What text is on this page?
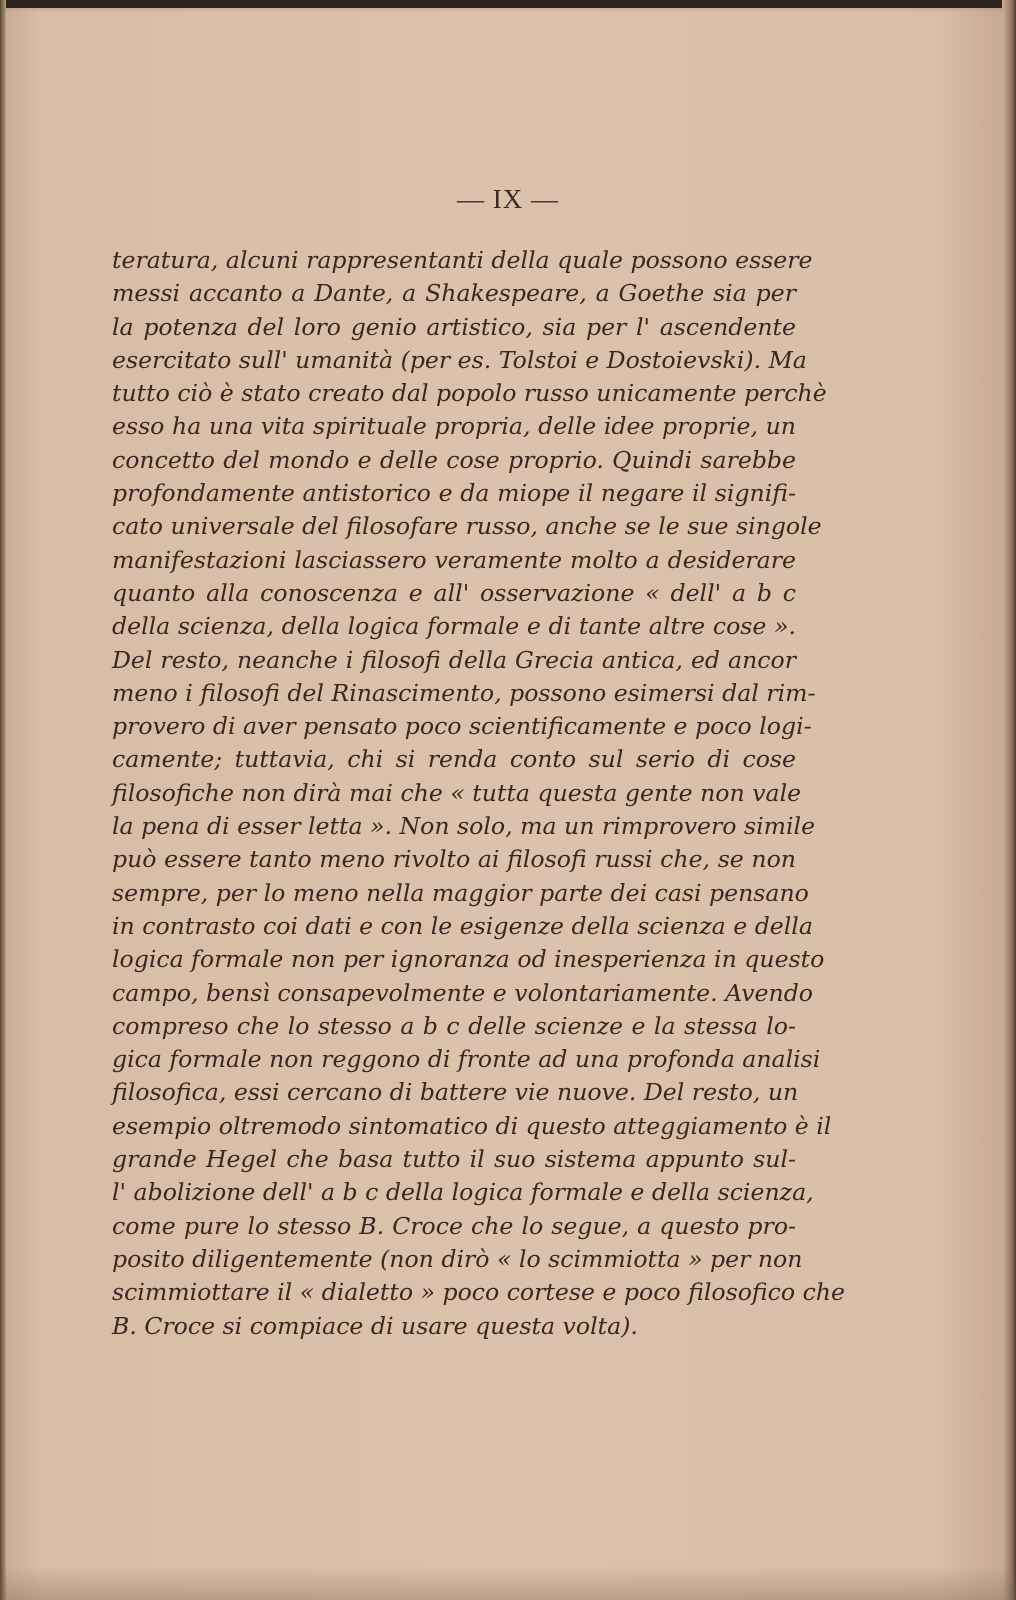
— IX —
teratura, alcuni rappresentanti della quale possono essere
messi accanto a Dante, a Shakespeare, a Goethe sia per
la potenza del loro genio artistico, sia per l' ascendente
esercitato sull' umanità (per es. Tolstoi e Dostoievski). Ma
tutto ciò è stato creato dal popolo russo unicamente perchè
esso ha una vita spirituale propria, delle idee proprie, un
concetto del mondo e delle cose proprio. Quindi sarebbe
profondamente antistorico e da miope il negare il signifi-
cato universale del filosofare russo, anche se le sue singole
manifestazioni lasciassero veramente molto a desiderare
quanto alla conoscenza e all' osservazione « dell' a b c
della scienza, della logica formale e di tante altre cose ».
Del resto, neanche i filosofi della Grecia antica, ed ancor
meno i filosofi del Rinascimento, possono esimersi dal rim-
provero di aver pensato poco scientificamente e poco logi-
camente; tuttavia, chi si renda conto sul serio di cose
filosofiche non dirà mai che « tutta questa gente non vale
la pena di esser letta ». Non solo, ma un rimprovero simile
può essere tanto meno rivolto ai filosofi russi che, se non
sempre, per lo meno nella maggior parte dei casi pensano
in contrasto coi dati e con le esigenze della scienza e della
logica formale non per ignoranza od inesperienza in questo
campo, bensì consapevolmente e volontariamente. Avendo
compreso che lo stesso a b c delle scienze e la stessa lo-
gica formale non reggono di fronte ad una profonda analisi
filosofica, essi cercano di battere vie nuove. Del resto, un
esempio oltremodo sintomatico di questo atteggiamento è il
grande Hegel che basa tutto il suo sistema appunto sul-
l' abolizione dell' a b c della logica formale e della scienza,
come pure lo stesso B. Croce che lo segue, a questo pro-
posito diligentemente (non dirò « lo scimmiotta » per non
scimmiottare il « dialetto » poco cortese e poco filosofico che
B. Croce si compiace di usare questa volta).
